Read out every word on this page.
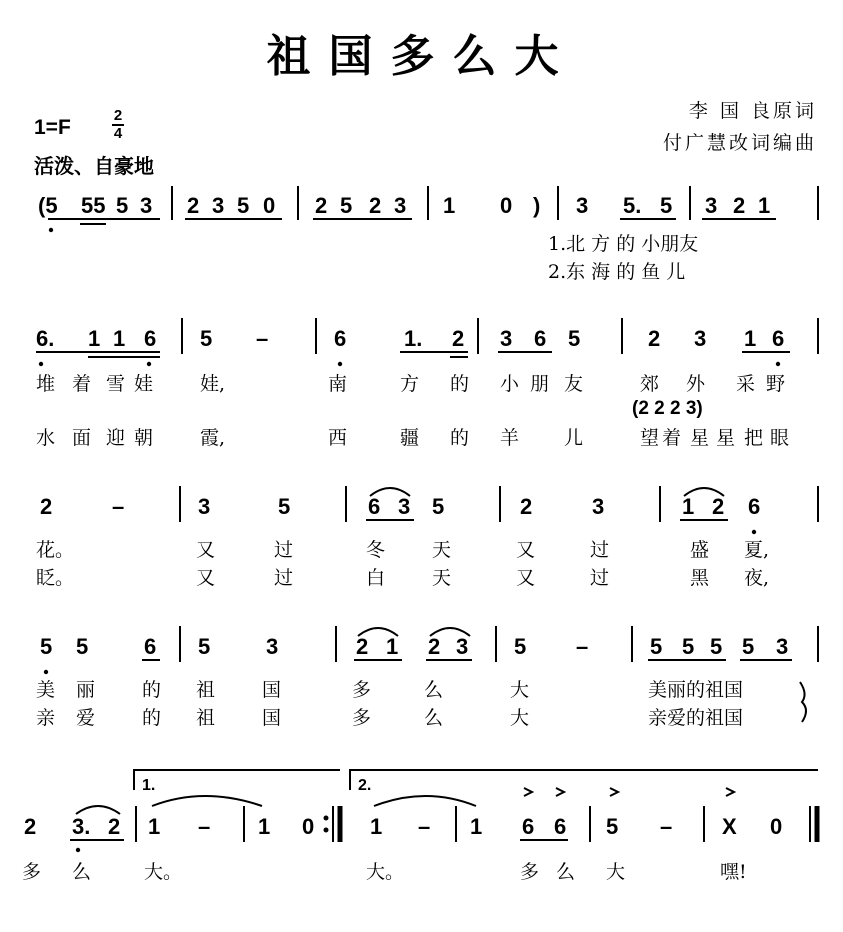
祖国多么大
李 国 良原词
付广慧改词编曲
1=F
2
4
活泼、自豪地
(5 55 5 3 2 3 5 0 2 5 2 3 1 0 ) 3 5. 5 3 2 1
1.北 方 的 小朋友
2.东 海 的 鱼 儿
6. 1 1 6 5 –	6	1. 2 3 6 5	2 3 1 6
堆 着 雪 娃 娃,	南	方 的 小 朋 友	郊 外 采 野
(2 2 2 3)
水 面 迎 朝 霞,	西	疆 的 羊 儿	望 着 星 星 把 眼
2	–	3	5	6 3 5	2	3	1 2 6
花。	又	过	冬 天	又	过	盛 夏,
眨。	又	过	白 天	又	过	黑 夜,
5 5	6 5	3	2 1 2 3 5 –	5 5 5 5 3
美 丽 的 祖 国	多	么	大	美丽的祖国
亲 爱 的 祖 国	多	么	大	亲爱的祖国
1.	2.
2 3. 2 1 – 1 0	1 – 1 6 6 5 – X 0
多 么	大。	大。	多 么 大	嘿!
